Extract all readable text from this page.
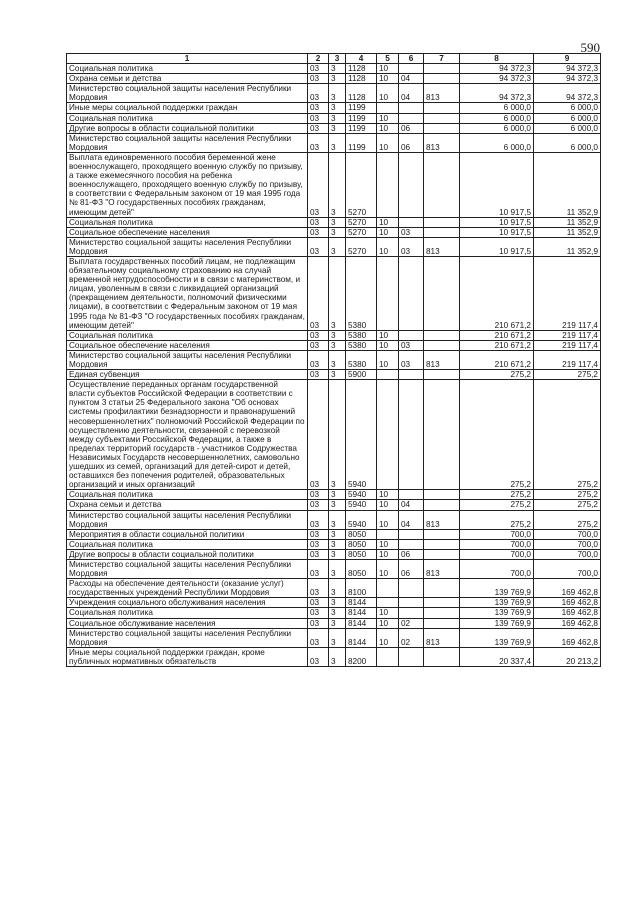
590
1	2	3	4	5	6	7	8	9
Социальная политика	03	3	1128	10			94 372,3	94 372,3
Охрана семьи и детства	03	3	1128	10	04		94 372,3	94 372,3
Министерство социальной защиты населения Республики Мордовия	03	3	1128	10	04	813	94 372,3	94 372,3
Иные меры социальной поддержки граждан	03	3	1199				6 000,0	6 000,0
Социальная политика	03	3	1199	10			6 000,0	6 000,0
Другие вопросы в области социальной политики	03	3	1199	10	06		6 000,0	6 000,0
Министерство социальной защиты населения Республики Мордовия	03	3	1199	10	06	813	6 000,0	6 000,0
Выплата единовременного пособия беременной жене военнослужащего, проходящего военную службу по призыву, а также ежемесячного пособия на ребенка военнослужащего, проходящего военную службу по призыву, в соответствии с Федеральным законом от 19 мая 1995 года № 81-ФЗ "О государственных пособиях гражданам, имеющим детей"	03	3	5270				10 917,5	11 352,9
Социальная политика	03	3	5270	10			10 917,5	11 352,9
Социальное обеспечение населения	03	3	5270	10	03		10 917,5	11 352,9
Министерство социальной защиты населения Республики Мордовия	03	3	5270	10	03	813	10 917,5	11 352,9
Выплата государственных пособий лицам, не подлежащим обязательному социальному страхованию на случай временной нетрудоспособности и в связи с материнством, и лицам, уволенным в связи с ликвидацией организаций (прекращением деятельности, полномочий физическими лицами), в соответствии с Федеральным законом от 19 мая 1995 года № 81-ФЗ "О государственных пособиях гражданам, имеющим детей"	03	3	5380				210 671,2	219 117,4
Социальная политика	03	3	5380	10			210 671,2	219 117,4
Социальное обеспечение населения	03	3	5380	10	03		210 671,2	219 117,4
Министерство социальной защиты населения Республики Мордовия	03	3	5380	10	03	813	210 671,2	219 117,4
Единая субвенция	03	3	5900				275,2	275,2
Осуществление переданных органам государственной власти субъектов Российской Федерации в соответствии с пунктом 3 статьи 25 Федерального закона "Об основах системы профилактики безнадзорности и правонарушений несовершеннолетних" полномочий Российской Федерации по осуществлению деятельности, связанной с перевозкой между субъектами Российской Федерации, а также в пределах территорий государств - участников Содружества Независимых Государств несовершеннолетних, самовольно ушедших из семей, организаций для детей-сирот и детей, оставшихся без попечения родителей, образовательных организаций и иных организаций	03	3	5940				275,2	275,2
Социальная политика	03	3	5940	10			275,2	275,2
Охрана семьи и детства	03	3	5940	10	04		275,2	275,2
Министерство социальной защиты населения Республики Мордовия	03	3	5940	10	04	813	275,2	275,2
Мероприятия в области социальной политики	03	3	8050				700,0	700,0
Социальная политика	03	3	8050	10			700,0	700,0
Другие вопросы в области социальной политики	03	3	8050	10	06		700,0	700,0
Министерство социальной защиты населения Республики Мордовия	03	3	8050	10	06	813	700,0	700,0
Расходы на обеспечение деятельности (оказание услуг) государственных учреждений Республики Мордовия	03	3	8100				139 769,9	169 462,8
Учреждения социального обслуживания населения	03	3	8144				139 769,9	169 462,8
Социальная политика	03	3	8144	10			139 769,9	169 462,8
Социальное обслуживание населения	03	3	8144	10	02		139 769,9	169 462,8
Министерство социальной защиты населения Республики Мордовия	03	3	8144	10	02	813	139 769,9	169 462,8
Иные меры социальной поддержки граждан, кроме публичных нормативных обязательств	03	3	8200				20 337,4	20 213,2
